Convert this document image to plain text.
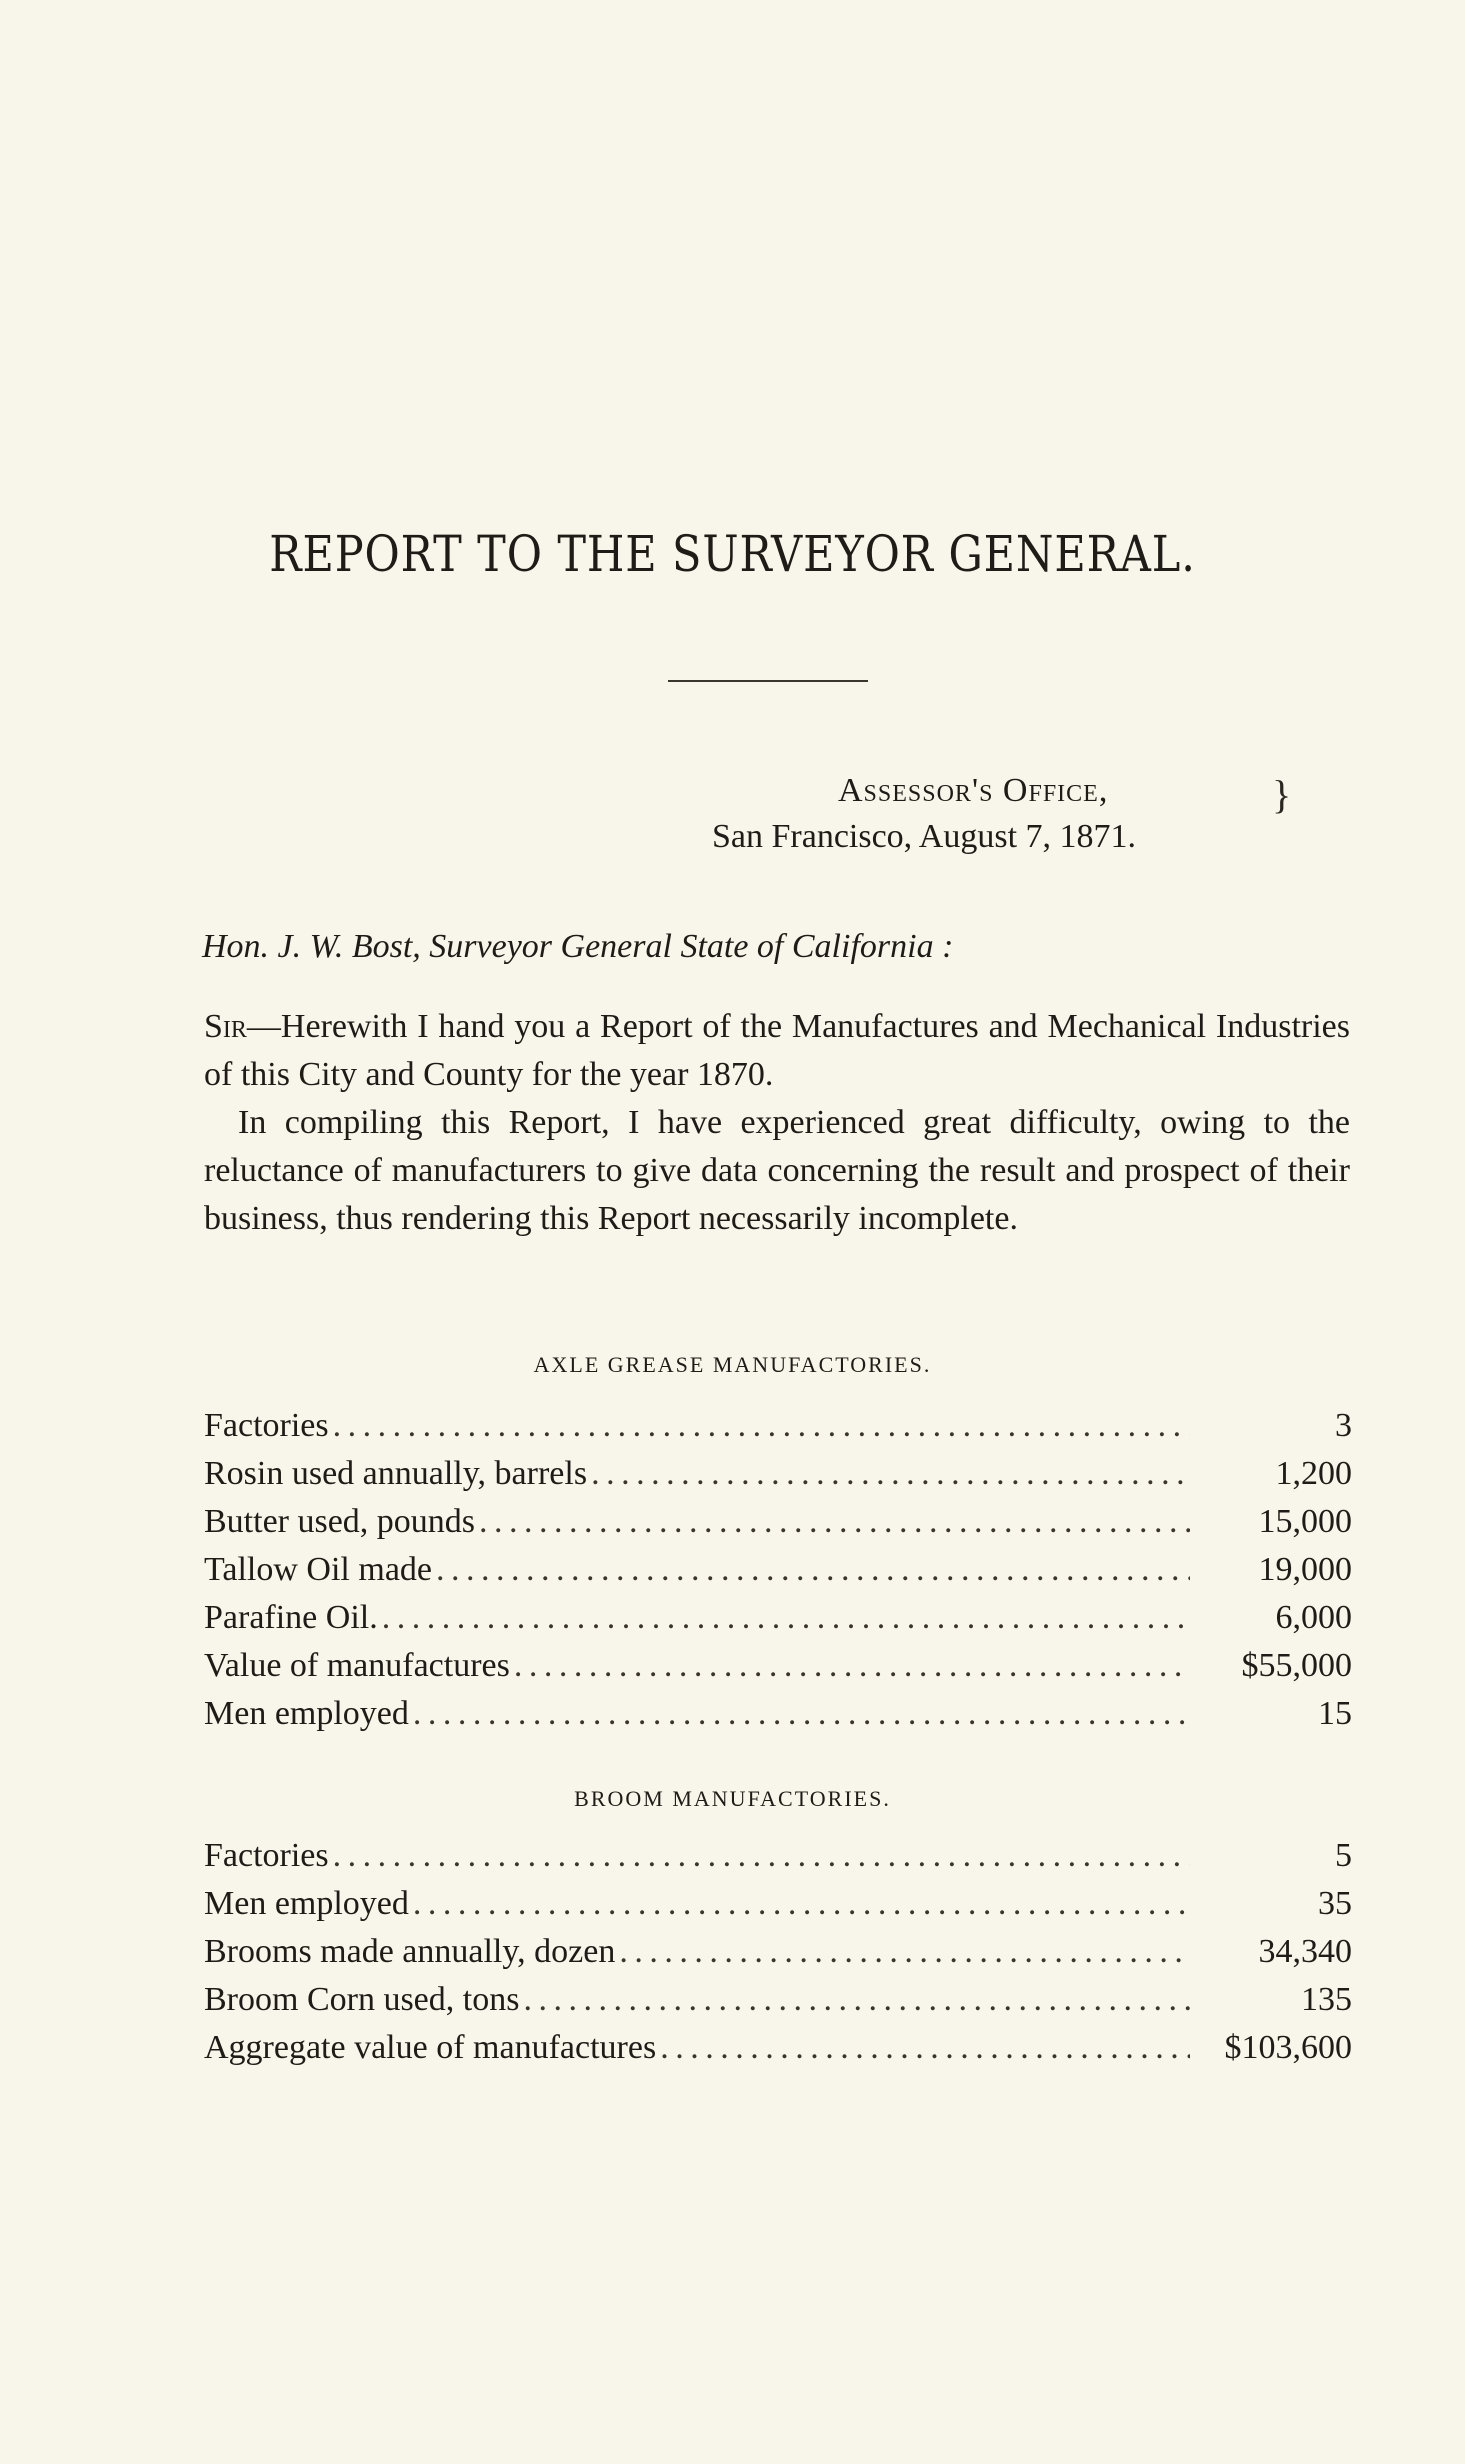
REPORT TO THE SURVEYOR GENERAL.
Assessor's Office,
San Francisco, August 7, 1871.
}
Hon. J. W. Bost, Surveyor General State of California :

Sir—Herewith I hand you a Report of the Manufactures and Mechanical Industries of this City and County for the year 1870.

In compiling this Report, I have experienced great difficulty, owing to the reluctance of manufacturers to give data concerning the result and prospect of their business, thus rendering this Report necessarily incomplete.

AXLE GREASE MANUFACTORIES.
Factories . . .	3
Rosin used annually, barrels . . .	1,200
Butter used, pounds . . .	15,000
Tallow Oil made . . .	19,000
Parafine Oil. . . .	6,000
Value of manufactures . . .	$55,000
Men employed . . .	15
BROOM MANUFACTORIES.
Factories . . .	5
Men employed . . .	35
Brooms made annually, dozen . . .	34,340
Broom Corn used, tons . . .	135
Aggregate value of manufactures . . .	$103,600
